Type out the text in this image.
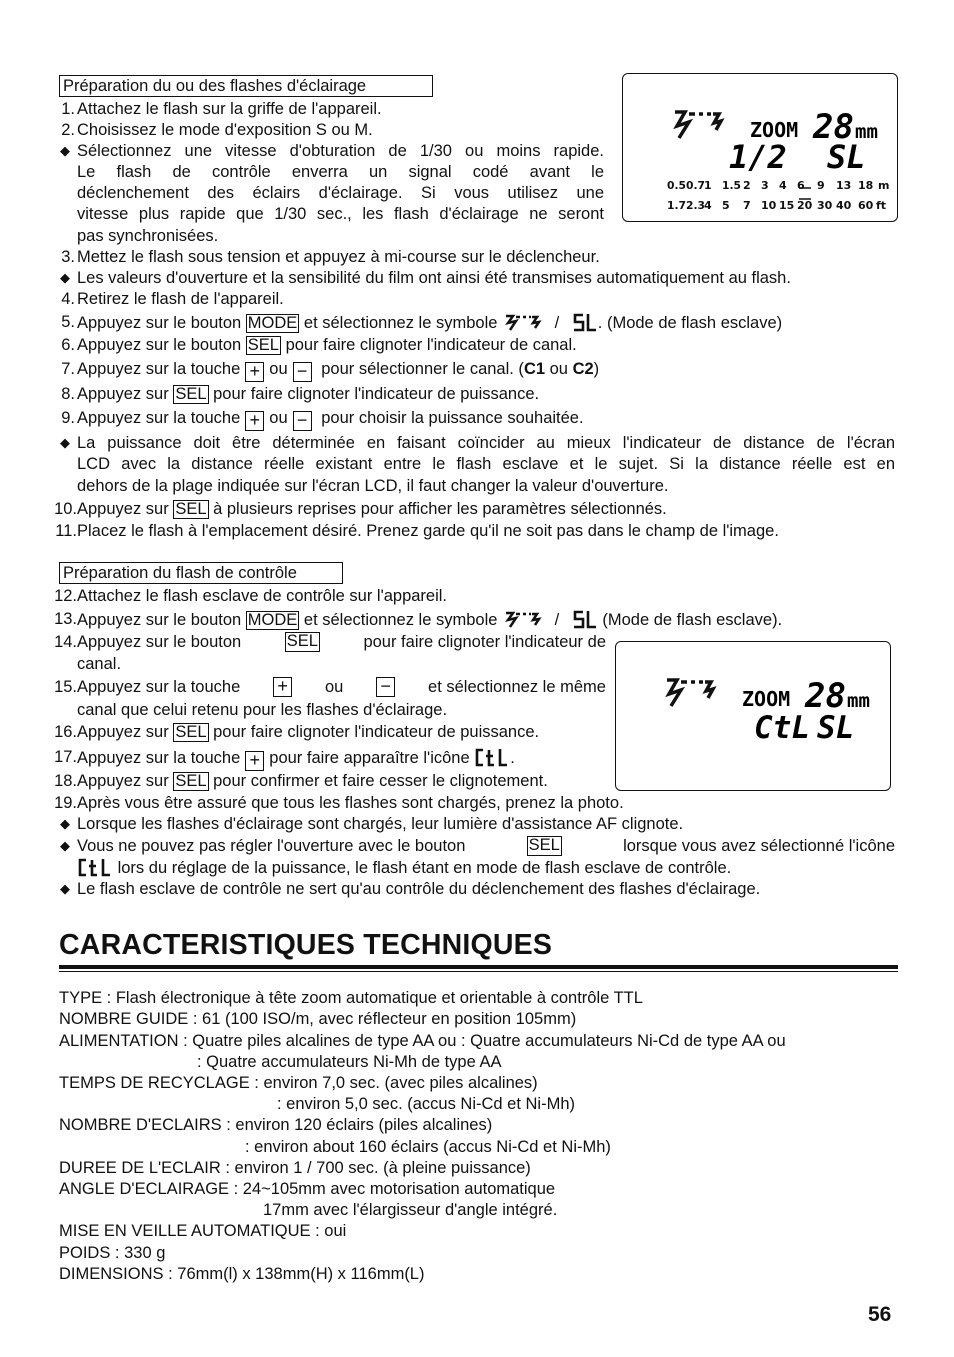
Préparation du ou des flashes d'éclairage
1. Attachez le flash sur la griffe de l'appareil.
2. Choisissez le mode d'exposition S ou M.
◆ Sélectionnez une vitesse d'obturation de 1/30 ou moins rapide.
Le flash de contrôle enverra un signal codé avant le
déclenchement des éclairs d'éclairage. Si vous utilisez une
vitesse plus rapide que 1/30 sec., les flash d'éclairage ne seront
pas synchronisées.
ZOOM 28 mm
1/2 SL
0.5 0.7 1 1.5 2 3 4 6 9 13 18 m
1.7 2.3 4 5 7 10 15 20 30 40 60 ft
3. Mettez le flash sous tension et appuyez à mi-course sur le déclencheur.
◆ Les valeurs d'ouverture et la sensibilité du film ont ainsi été transmises automatiquement au flash.
4. Retirez le flash de l'appareil.
5. Appuyez sur le bouton MODE et sélectionnez le symbole	/ . (Mode de flash esclave)
6. Appuyez sur le bouton SEL pour faire clignoter l'indicateur de canal.
7. Appuyez sur la touche + ou − pour sélectionner le canal. (C1 ou C2)
8. Appuyez sur SEL pour faire clignoter l'indicateur de puissance.
9. Appuyez sur la touche + ou − pour choisir la puissance souhaitée.
◆ La puissance doit être déterminée en faisant coïncider au mieux l'indicateur de distance de l'écran
LCD avec la distance réelle existant entre le flash esclave et le sujet. Si la distance réelle est en
dehors de la plage indiquée sur l'écran LCD, il faut changer la valeur d'ouverture.
10. Appuyez sur SEL à plusieurs reprises pour afficher les paramètres sélectionnés.
11. Placez le flash à l'emplacement désiré. Prenez garde qu'il ne soit pas dans le champ de l'image.
Préparation du flash de contrôle
12. Attachez le flash esclave de contrôle sur l'appareil.
13. Appuyez sur le bouton MODE et sélectionnez le symbole	/	(Mode de flash esclave).
14. Appuyez sur le bouton	SEL	pour faire clignoter l'indicateur de
canal.
15. Appuyez sur la touche + ou − et sélectionnez le même
canal que celui retenu pour les flashes d'éclairage.
16. Appuyez sur SEL pour faire clignoter l'indicateur de puissance.
17. Appuyez sur la touche + pour faire apparaître l'icône .
18. Appuyez sur SEL pour confirmer et faire cesser le clignotement.
ZOOM 28 mm
CtL SL
19. Après vous être assuré que tous les flashes sont chargés, prenez la photo.
◆ Lorsque les flashes d'éclairage sont chargés, leur lumière d'assistance AF clignote.
◆ Vous ne pouvez pas régler l'ouverture avec le bouton	SEL	lorsque vous avez sélectionné l'icône
lors du réglage de la puissance, le flash étant en mode de flash esclave de contrôle.
◆ Le flash esclave de contrôle ne sert qu'au contrôle du déclenchement des flashes d'éclairage.
CARACTERISTIQUES TECHNIQUES
TYPE : Flash électronique à tête zoom automatique et orientable à contrôle TTL
NOMBRE GUIDE : 61 (100 ISO/m, avec réflecteur en position 105mm)
ALIMENTATION : Quatre piles alcalines de type AA ou : Quatre accumulateurs Ni-Cd de type AA ou
: Quatre accumulateurs Ni-Mh de type AA
TEMPS DE RECYCLAGE : environ 7,0 sec. (avec piles alcalines)
: environ 5,0 sec. (accus Ni-Cd et Ni-Mh)
NOMBRE D'ECLAIRS : environ 120 éclairs (piles alcalines)
: environ about 160 éclairs (accus Ni-Cd et Ni-Mh)
DUREE DE L'ECLAIR : environ 1 / 700 sec. (à pleine puissance)
ANGLE D'ECLAIRAGE : 24~105mm avec motorisation automatique
17mm avec l'élargisseur d'angle intégré.
MISE EN VEILLE AUTOMATIQUE : oui
POIDS : 330 g
DIMENSIONS : 76mm(l) x 138mm(H) x 116mm(L)
56
